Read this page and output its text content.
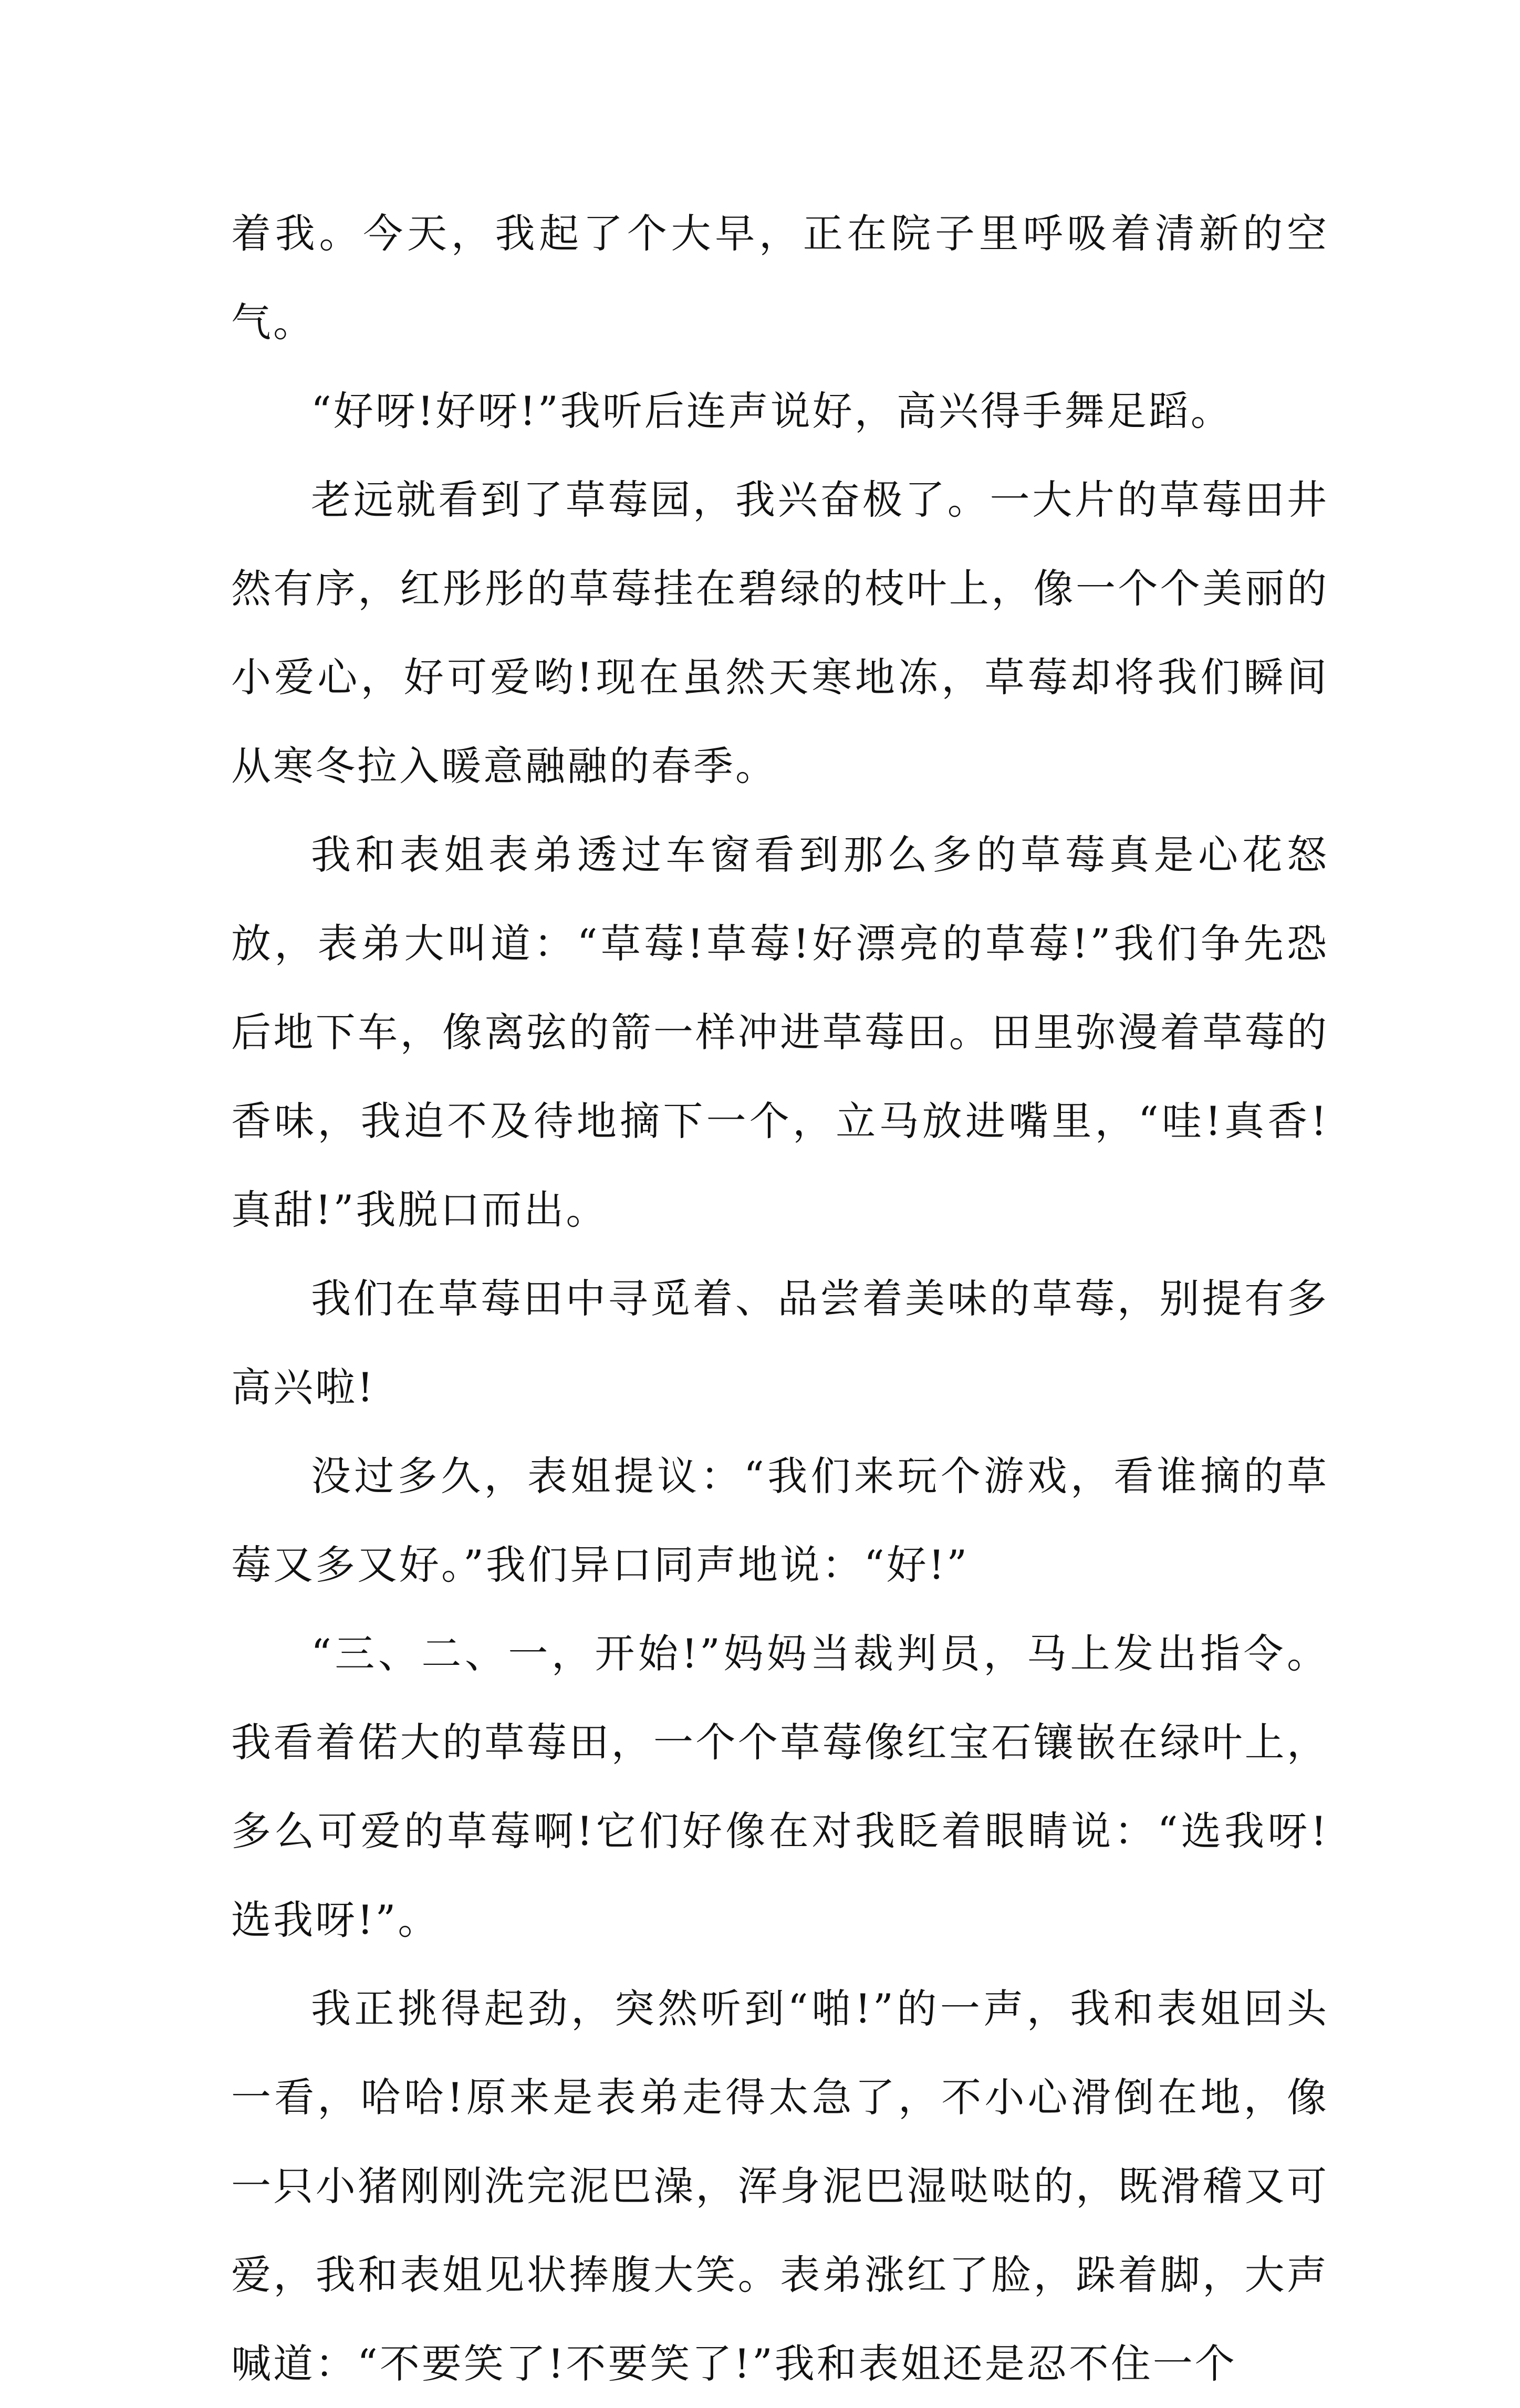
着我。今天，我起了个大早，正在院子里呼吸着清新的空气。

“好呀!好呀!”我听后连声说好，高兴得手舞足蹈。

老远就看到了草莓园，我兴奋极了。一大片的草莓田井然有序，红彤彤的草莓挂在碧绿的枝叶上，像一个个美丽的小爱心，好可爱哟!现在虽然天寒地冻，草莓却将我们瞬间从寒冬拉入暖意融融的春季。

我和表姐表弟透过车窗看到那么多的草莓真是心花怒放，表弟大叫道：“草莓!草莓!好漂亮的草莓!”我们争先恐后地下车，像离弦的箭一样冲进草莓田。田里弥漫着草莓的香味，我迫不及待地摘下一个，立马放进嘴里，“哇!真香!真甜!”我脱口而出。

我们在草莓田中寻觅着、品尝着美味的草莓，别提有多高兴啦!

没过多久，表姐提议：“我们来玩个游戏，看谁摘的草莓又多又好。”我们异口同声地说：“好!”

“三、二、一，开始!”妈妈当裁判员，马上发出指令。我看着偌大的草莓田，一个个草莓像红宝石镶嵌在绿叶上，多么可爱的草莓啊!它们好像在对我眨着眼睛说：“选我呀!选我呀!”。

我正挑得起劲，突然听到“啪!”的一声，我和表姐回头一看，哈哈!原来是表弟走得太急了，不小心滑倒在地，像一只小猪刚刚洗完泥巴澡，浑身泥巴湿哒哒的，既滑稽又可爱，我和表姐见状捧腹大笑。表弟涨红了脸，跺着脚，大声喊道：“不要笑了!不要笑了!”我和表姐还是忍不住一个
